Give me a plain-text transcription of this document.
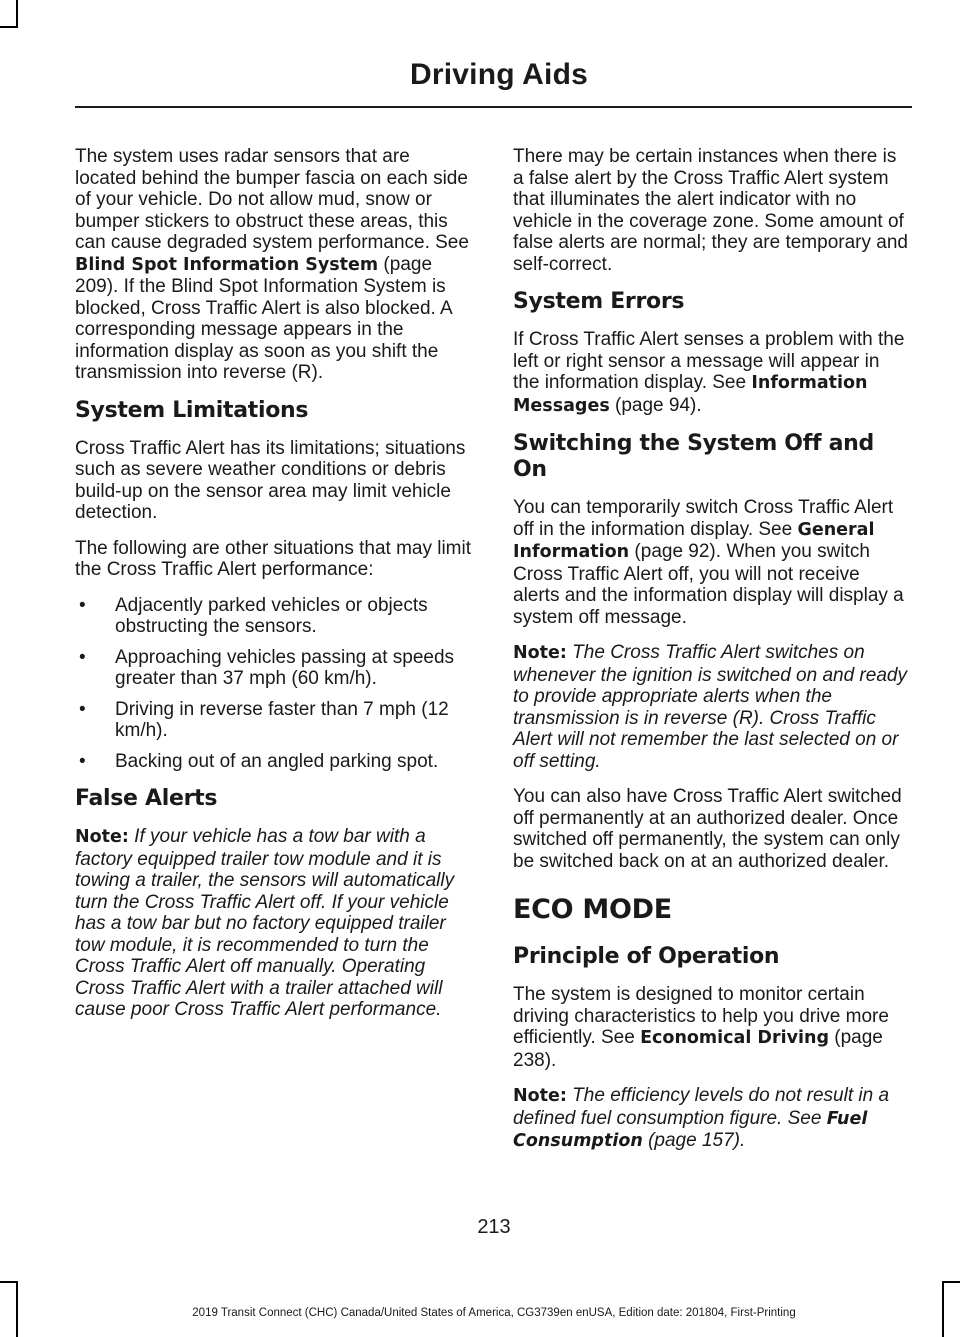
Driving Aids

The system uses radar sensors that are located behind the bumper fascia on each side of your vehicle. Do not allow mud, snow or bumper stickers to obstruct these areas, this can cause degraded system performance. See Blind Spot Information System (page 209). If the Blind Spot Information System is blocked, Cross Traffic Alert is also blocked. A corresponding message appears in the information display as soon as you shift the transmission into reverse (R).

System Limitations

Cross Traffic Alert has its limitations; situations such as severe weather conditions or debris build-up on the sensor area may limit vehicle detection.

The following are other situations that may limit the Cross Traffic Alert performance:

• Adjacently parked vehicles or objects obstructing the sensors.
• Approaching vehicles passing at speeds greater than 37 mph (60 km/h).
• Driving in reverse faster than 7 mph (12 km/h).
• Backing out of an angled parking spot.
False Alerts

Note: If your vehicle has a tow bar with a factory equipped trailer tow module and it is towing a trailer, the sensors will automatically turn the Cross Traffic Alert off. If your vehicle has a tow bar but no factory equipped trailer tow module, it is recommended to turn the Cross Traffic Alert off manually. Operating Cross Traffic Alert with a trailer attached will cause poor Cross Traffic Alert performance.

There may be certain instances when there is a false alert by the Cross Traffic Alert system that illuminates the alert indicator with no vehicle in the coverage zone. Some amount of false alerts are normal; they are temporary and self-correct.

System Errors

If Cross Traffic Alert senses a problem with the left or right sensor a message will appear in the information display. See Information Messages (page 94).

Switching the System Off and On

You can temporarily switch Cross Traffic Alert off in the information display. See General Information (page 92). When you switch Cross Traffic Alert off, you will not receive alerts and the information display will display a system off message.

Note: The Cross Traffic Alert switches on whenever the ignition is switched on and ready to provide appropriate alerts when the transmission is in reverse (R). Cross Traffic Alert will not remember the last selected on or off setting.

You can also have Cross Traffic Alert switched off permanently at an authorized dealer. Once switched off permanently, the system can only be switched back on at an authorized dealer.

ECO MODE
Principle of Operation

The system is designed to monitor certain driving characteristics to help you drive more efficiently. See Economical Driving (page 238).

Note: The efficiency levels do not result in a defined fuel consumption figure. See Fuel Consumption (page 157).

213
2019 Transit Connect (CHC) Canada/United States of America, CG3739en enUSA, Edition date: 201804, First-Printing
